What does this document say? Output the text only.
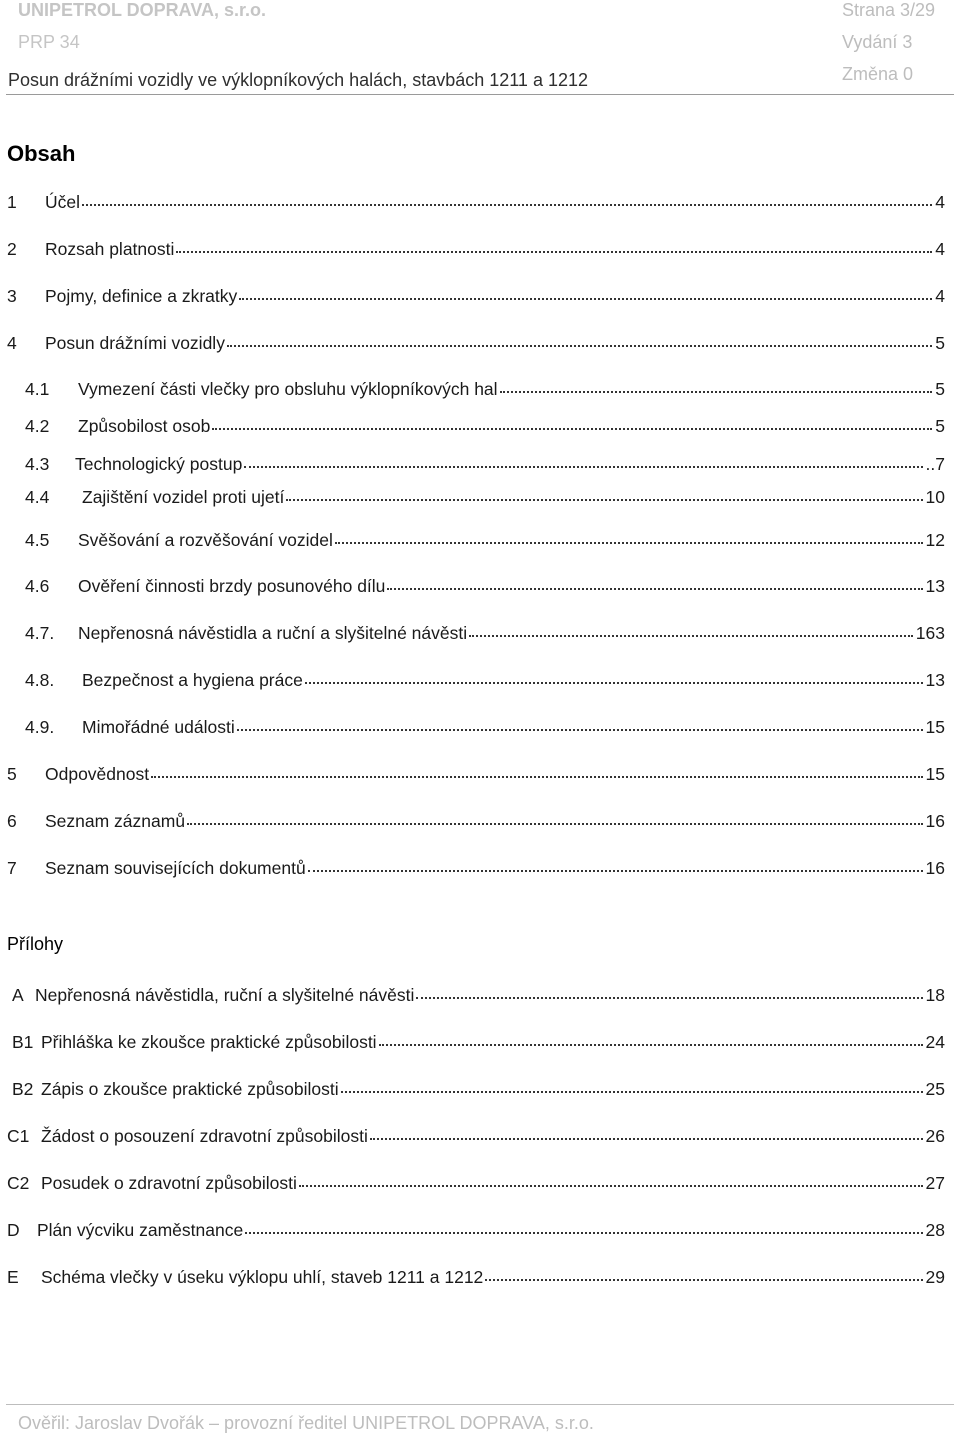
UNIPETROL DOPRAVA, s.r.o.	Strana 3/29
PRP 34	Vydání 3
Posun drážními vozidly ve výklopníkových halách, stavbách 1211 a 1212	Změna 0
Obsah
Přílohy
1	Účel	4
2	Rozsah platnosti	4
3	Pojmy, definice a zkratky	4
4	Posun drážními vozidly	5
4.1	Vymezení části vlečky pro obsluhu výklopníkových hal	5
4.2	Způsobilost osob	5
4.3	Technologický postup	..7
4.4	Zajištění vozidel proti ujetí	10
4.5	Svěšování a rozvěšování vozidel	12
4.6	Ověření činnosti brzdy posunového dílu	13
4.7.	Nepřenosná návěstidla a ruční a slyšitelné návěsti	163
4.8.	Bezpečnost a hygiena práce	13
4.9.	Mimořádné události	15
5	Odpovědnost	15
6	Seznam záznamů	16
7	Seznam souvisejících dokumentů	16
A Nepřenosná návěstidla, ruční a slyšitelné návěsti	18
B1 Přihláška ke zkoušce praktické způsobilosti	24
B2 Zápis o zkoušce praktické způsobilosti	25
C1 Žádost o posouzení zdravotní způsobilosti	26
C2 Posudek o zdravotní způsobilosti	27
D Plán výcviku zaměstnance	28
E	Schéma vlečky v úseku výklopu uhlí, staveb 1211 a 1212	29
Ověřil: Jaroslav Dvořák – provozní ředitel UNIPETROL DOPRAVA, s.r.o.
